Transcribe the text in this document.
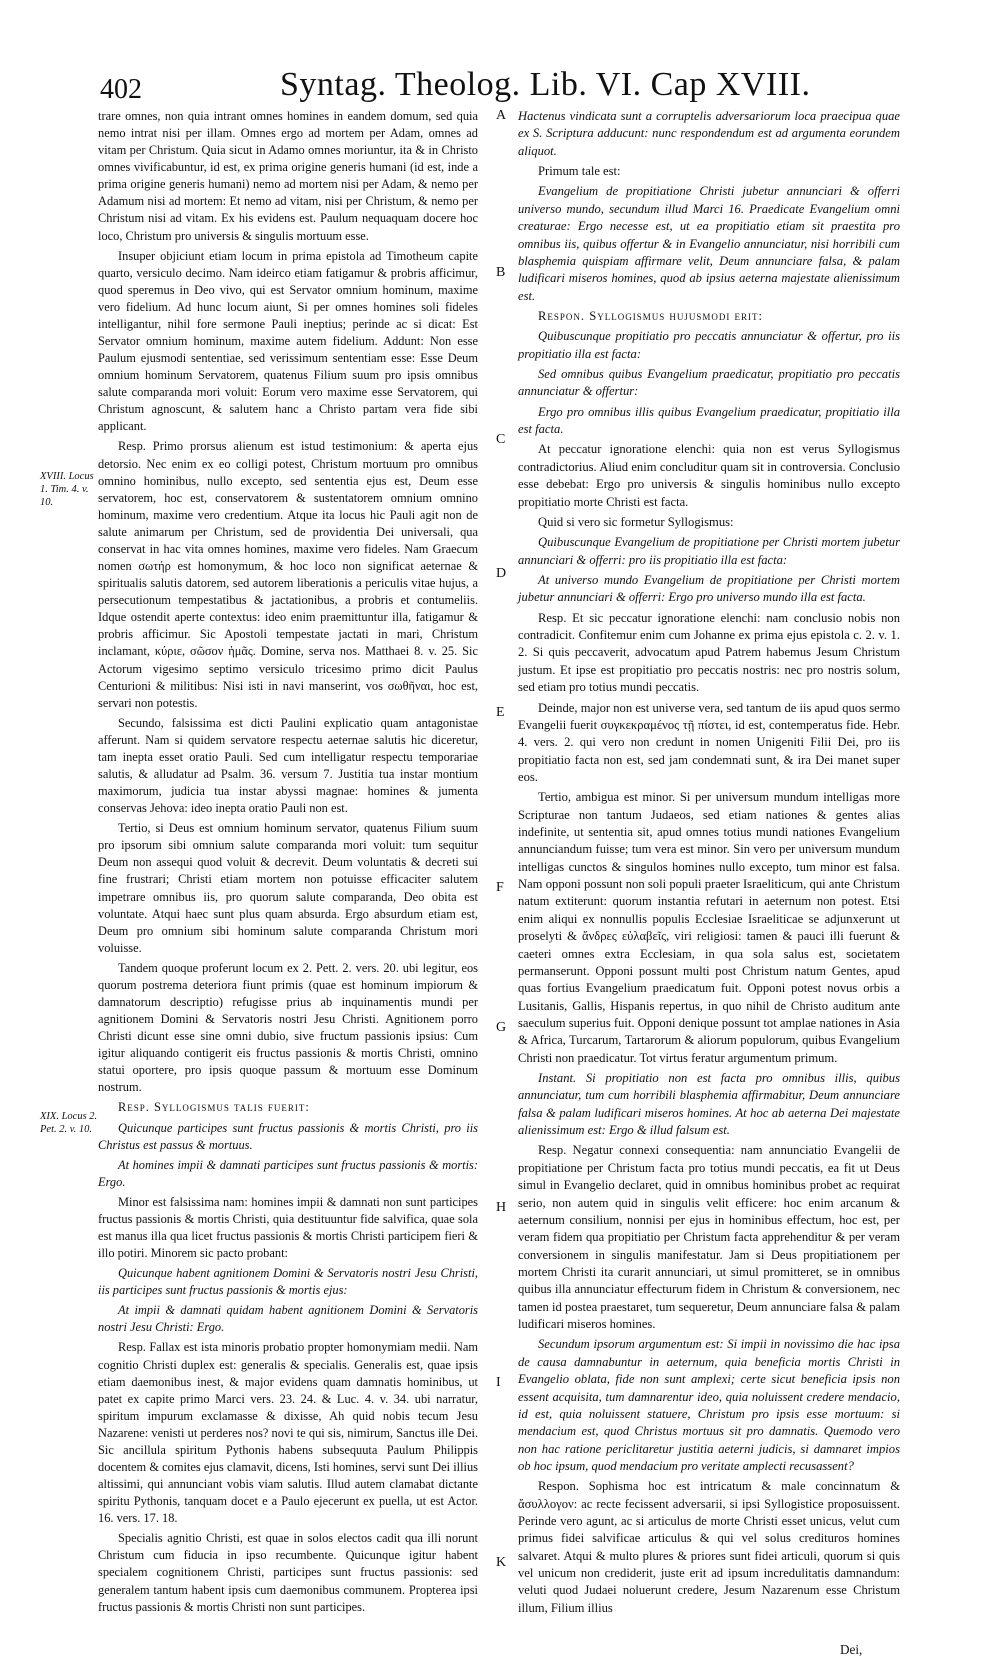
402	Syntag. Theolog. Lib. VI. Cap XVIII.
XVIII. Locus 1. Tim. 4. v. 10.
XIX. Locus 2. Pet. 2. v. 10.

trare omnes, non quia intrant omnes homines in eandem domum, sed quia nemo intrat nisi per illam. Omnes ergo ad mortem per Adam, omnes ad vitam per Christum. Quia sicut in Adamo omnes moriuntur, ita & in Christo omnes vivificabuntur, id est, ex prima origine generis humani (id est, inde a prima origine generis humani) nemo ad mortem nisi per Adam, & nemo per Adamum nisi ad mortem: Et nemo ad vitam, nisi per Christum, & nemo per Christum nisi ad vitam. Ex his evidens est. Paulum nequaquam docere hoc loco, Christum pro universis & singulis mortuum esse.

Insuper objiciunt etiam locum in prima epistola ad Timotheum capite quarto, versiculo decimo. Nam ideirco etiam fatigamur & probris afficimur, quod speremus in Deo vivo, qui est Servator omnium hominum, maxime vero fidelium. Ad hunc locum aiunt, Si per omnes homines soli fideles intelligantur, nihil fore sermone Pauli ineptius; perinde ac si dicat: Est Servator omnium hominum, maxime autem fidelium. Addunt: Non esse Paulum ejusmodi sententiae, sed verissimum sententiam esse: Esse Deum omnium hominum Servatorem, quatenus Filium suum pro ipsis omnibus salute comparanda mori voluit: Eorum vero maxime esse Servatorem, qui Christum agnoscunt, & salutem hanc a Christo partam vera fide sibi applicant.

Resp. Primo prorsus alienum est istud testimonium: & aperta ejus detorsio. Nec enim ex eo colligi potest, Christum mortuum pro omnibus omnino hominibus, nullo excepto, sed sententia ejus est, Deum esse servatorem, hoc est, conservatorem & sustentatorem omnium omnino hominum, maxime vero credentium. Atque ita locus hic Pauli agit non de salute animarum per Christum, sed de providentia Dei universali, qua conservat in hac vita omnes homines, maxime vero fideles. Nam Graecum nomen σωτήρ est homonymum, & hoc loco non significat aeternae & spiritualis salutis datorem, sed autorem liberationis a periculis vitae hujus, a persecutionum tempestatibus & jactationibus, a probris et contumeliis. Idque ostendit aperte contextus: ideo enim praemittuntur illa, fatigamur & probris afficimur. Sic Apostoli tempestate jactati in mari, Christum inclamant, κύριε, σῶσον ἡμᾶς. Domine, serva nos. Matthaei 8. v. 25. Sic Actorum vigesimo septimo versiculo tricesimo primo dicit Paulus Centurioni & militibus: Nisi isti in navi manserint, vos σωθῆναι, hoc est, servari non potestis.

Secundo, falsissima est dicti Paulini explicatio quam antagonistae afferunt. Nam si quidem servatore respectu aeternae salutis hic diceretur, tam inepta esset oratio Pauli. Sed cum intelligatur respectu temporariae salutis, & alludatur ad Psalm. 36. versum 7. Justitia tua instar montium maximorum, judicia tua instar abyssi magnae: homines & jumenta conservas Jehova: ideo inepta oratio Pauli non est.

Tertio, si Deus est omnium hominum servator, quatenus Filium suum pro ipsorum sibi omnium salute comparanda mori voluit: tum sequitur Deum non assequi quod voluit & decrevit. Deum voluntatis & decreti sui fine frustrari; Christi etiam mortem non potuisse efficaciter salutem impetrare omnibus iis, pro quorum salute comparanda, Deo obita est voluntate. Atqui haec sunt plus quam absurda. Ergo absurdum etiam est, Deum pro omnium sibi hominum salute comparanda Christum mori voluisse.

Tandem quoque proferunt locum ex 2. Pett. 2. vers. 20. ubi legitur, eos quorum postrema deteriora fiunt primis (quae est hominum impiorum & damnatorum descriptio) refugisse prius ab inquinamentis mundi per agnitionem Domini & Servatoris nostri Jesu Christi. Agnitionem porro Christi dicunt esse sine omni dubio, sive fructum passionis ipsius: Cum igitur aliquando contigerit eis fructus passionis & mortis Christi, omnino statui oportere, pro ipsis quoque passum & mortuum esse Dominum nostrum.

Resp. Syllogismus talis fuerit:

Quicunque participes sunt fructus passionis & mortis Christi, pro iis Christus est passus & mortuus.

At homines impii & damnati participes sunt fructus passionis & mortis: Ergo.

Minor est falsissima nam: homines impii & damnati non sunt participes fructus passionis & mortis Christi, quia destituuntur fide salvifica, quae sola est manus illa qua licet fructus passionis & mortis Christi participem fieri & illo potiri. Minorem sic pacto probant:

Quicunque habent agnitionem Domini & Servatoris nostri Jesu Christi, iis participes sunt fructus passionis & mortis ejus:

At impii & damnati quidam habent agnitionem Domini & Servatoris nostri Jesu Christi: Ergo.

Resp. Fallax est ista minoris probatio propter homonymiam medii. Nam cognitio Christi duplex est: generalis & specialis. Generalis est, quae ipsis etiam daemonibus inest, & major evidens quam damnatis hominibus, ut patet ex capite primo Marci vers. 23. 24. & Luc. 4. v. 34. ubi narratur, spiritum impurum exclamasse & dixisse, Ah quid nobis tecum Jesu Nazarene: venisti ut perderes nos? novi te qui sis, nimirum, Sanctus ille Dei. Sic ancillula spiritum Pythonis habens subsequuta Paulum Philippis docentem & comites ejus clamavit, dicens, Isti homines, servi sunt Dei illius altissimi, qui annunciant vobis viam salutis. Illud autem clamabat dictante spiritu Pythonis, tanquam docet e a Paulo ejecerunt ex puella, ut est Actor. 16. vers. 17. 18.

Specialis agnitio Christi, est quae in solos electos cadit qua illi norunt Christum cum fiducia in ipso recumbente. Quicunque igitur habent specialem cognitionem Christi, participes sunt fructus passionis: sed generalem tantum habent ipsis cum daemonibus communem. Propterea ipsi fructus passionis & mortis Christi non sunt participes.

A
B
C
D
E
F
G
H
I
K

Hactenus vindicata sunt a corruptelis adversariorum loca praecipua quae ex S. Scriptura adducunt: nunc respondendum est ad argumenta eorundem aliquot.

Primum tale est:

Evangelium de propitiatione Christi jubetur annunciari & offerri universo mundo, secundum illud Marci 16. Praedicate Evangelium omni creaturae: Ergo necesse est, ut ea propitiatio etiam sit praestita pro omnibus iis, quibus offertur & in Evangelio annunciatur, nisi horribili cum blasphemia quispiam affirmare velit, Deum annunciare falsa, & palam ludificari miseros homines, quod ab ipsius aeterna majestate alienissimum est.

Respon. Syllogismus hujusmodi erit:

Quibuscunque propitiatio pro peccatis annunciatur & offertur, pro iis propitiatio illa est facta:

Sed omnibus quibus Evangelium praedicatur, propitiatio pro peccatis annunciatur & offertur:

Ergo pro omnibus illis quibus Evangelium praedicatur, propitiatio illa est facta.

At peccatur ignoratione elenchi: quia non est verus Syllogismus contradictorius. Aliud enim concluditur quam sit in controversia. Conclusio esse debebat: Ergo pro universis & singulis hominibus nullo excepto propitiatio morte Christi est facta.

Quid si vero sic formetur Syllogismus:

Quibuscunque Evangelium de propitiatione per Christi mortem jubetur annunciari & offerri: pro iis propitiatio illa est facta:

At universo mundo Evangelium de propitiatione per Christi mortem jubetur annunciari & offerri: Ergo pro universo mundo illa est facta.

Resp. Et sic peccatur ignoratione elenchi: nam conclusio nobis non contradicit. Confitemur enim cum Johanne ex prima ejus epistola c. 2. v. 1. 2. Si quis peccaverit, advocatum apud Patrem habemus Jesum Christum justum. Et ipse est propitiatio pro peccatis nostris: nec pro nostris solum, sed etiam pro totius mundi peccatis.

Deinde, major non est universe vera, sed tantum de iis apud quos sermo Evangelii fuerit συγκεκραμένος τῇ πίστει, id est, contemperatus fide. Hebr. 4. vers. 2. qui vero non credunt in nomen Unigeniti Filii Dei, pro iis propitiatio facta non est, sed jam condemnati sunt, & ira Dei manet super eos.

Tertio, ambigua est minor. Si per universum mundum intelligas more Scripturae non tantum Judaeos, sed etiam nationes & gentes alias indefinite, ut sententia sit, apud omnes totius mundi nationes Evangelium annunciandum fuisse; tum vera est minor. Sin vero per universum mundum intelligas cunctos & singulos homines nullo excepto, tum minor est falsa. Nam opponi possunt non soli populi praeter Israeliticum, qui ante Christum natum extiterunt: quorum instantia refutari in aeternum non potest. Etsi enim aliqui ex nonnullis populis Ecclesiae Israeliticae se adjunxerunt ut proselyti & ἄνδρες εὐλαβεῖς, viri religiosi: tamen & pauci illi fuerunt & caeteri omnes extra Ecclesiam, in qua sola salus est, societatem permanserunt. Opponi possunt multi post Christum natum Gentes, apud quas fortius Evangelium praedicatum fuit. Opponi potest novus orbis a Lusitanis, Gallis, Hispanis repertus, in quo nihil de Christo auditum ante saeculum superius fuit. Opponi denique possunt tot amplae nationes in Asia & Africa, Turcarum, Tartarorum & aliorum populorum, quibus Evangelium Christi non praedicatur. Tot virtus feratur argumentum primum.

Instant. Si propitiatio non est facta pro omnibus illis, quibus annunciatur, tum cum horribili blasphemia affirmabitur, Deum annunciare falsa & palam ludificari miseros homines. At hoc ab aeterna Dei majestate alienissimum est: Ergo & illud falsum est.

Resp. Negatur connexi consequentia: nam annunciatio Evangelii de propitiatione per Christum facta pro totius mundi peccatis, ea fit ut Deus simul in Evangelio declaret, quid in omnibus hominibus probet ac requirat serio, non autem quid in singulis velit efficere: hoc enim arcanum & aeternum consilium, nonnisi per ejus in hominibus effectum, hoc est, per veram fidem qua propitiatio per Christum facta apprehenditur & per veram conversionem in singulis manifestatur. Jam si Deus propitiationem per mortem Christi ita curarit annunciari, ut simul promitteret, se in omnibus quibus illa annunciatur effecturum fidem in Christum & conversionem, nec tamen id postea praestaret, tum sequeretur, Deum annunciare falsa & palam ludificari miseros homines.

Secundum ipsorum argumentum est: Si impii in novissimo die hac ipsa de causa damnabuntur in aeternum, quia beneficia mortis Christi in Evangelio oblata, fide non sunt amplexi; certe sicut beneficia ipsis non essent acquisita, tum damnarentur ideo, quia noluissent credere mendacio, id est, quia noluissent statuere, Christum pro ipsis esse mortuum: si mendacium est, quod Christus mortuus sit pro damnatis. Quemodo vero non hac ratione periclitaretur justitia aeterni judicis, si damnaret impios ob hoc ipsum, quod mendacium pro veritate amplecti recusassent?

Respon. Sophisma hoc est intricatum & male concinnatum & ἄσυλλογον: ac recte fecissent adversarii, si ipsi Syllogistice proposuissent. Perinde vero agunt, ac si articulus de morte Christi esset unicus, velut cum primus fidei salvificae articulus & qui vel solus credituros homines salvaret. Atqui & multo plures & priores sunt fidei articuli, quorum si quis vel unicum non crediderit, juste erit ad ipsum incredulitatis damnandum: veluti quod Judaei noluerunt credere, Jesum Nazarenum esse Christum illum, Filium illius

Dei,
